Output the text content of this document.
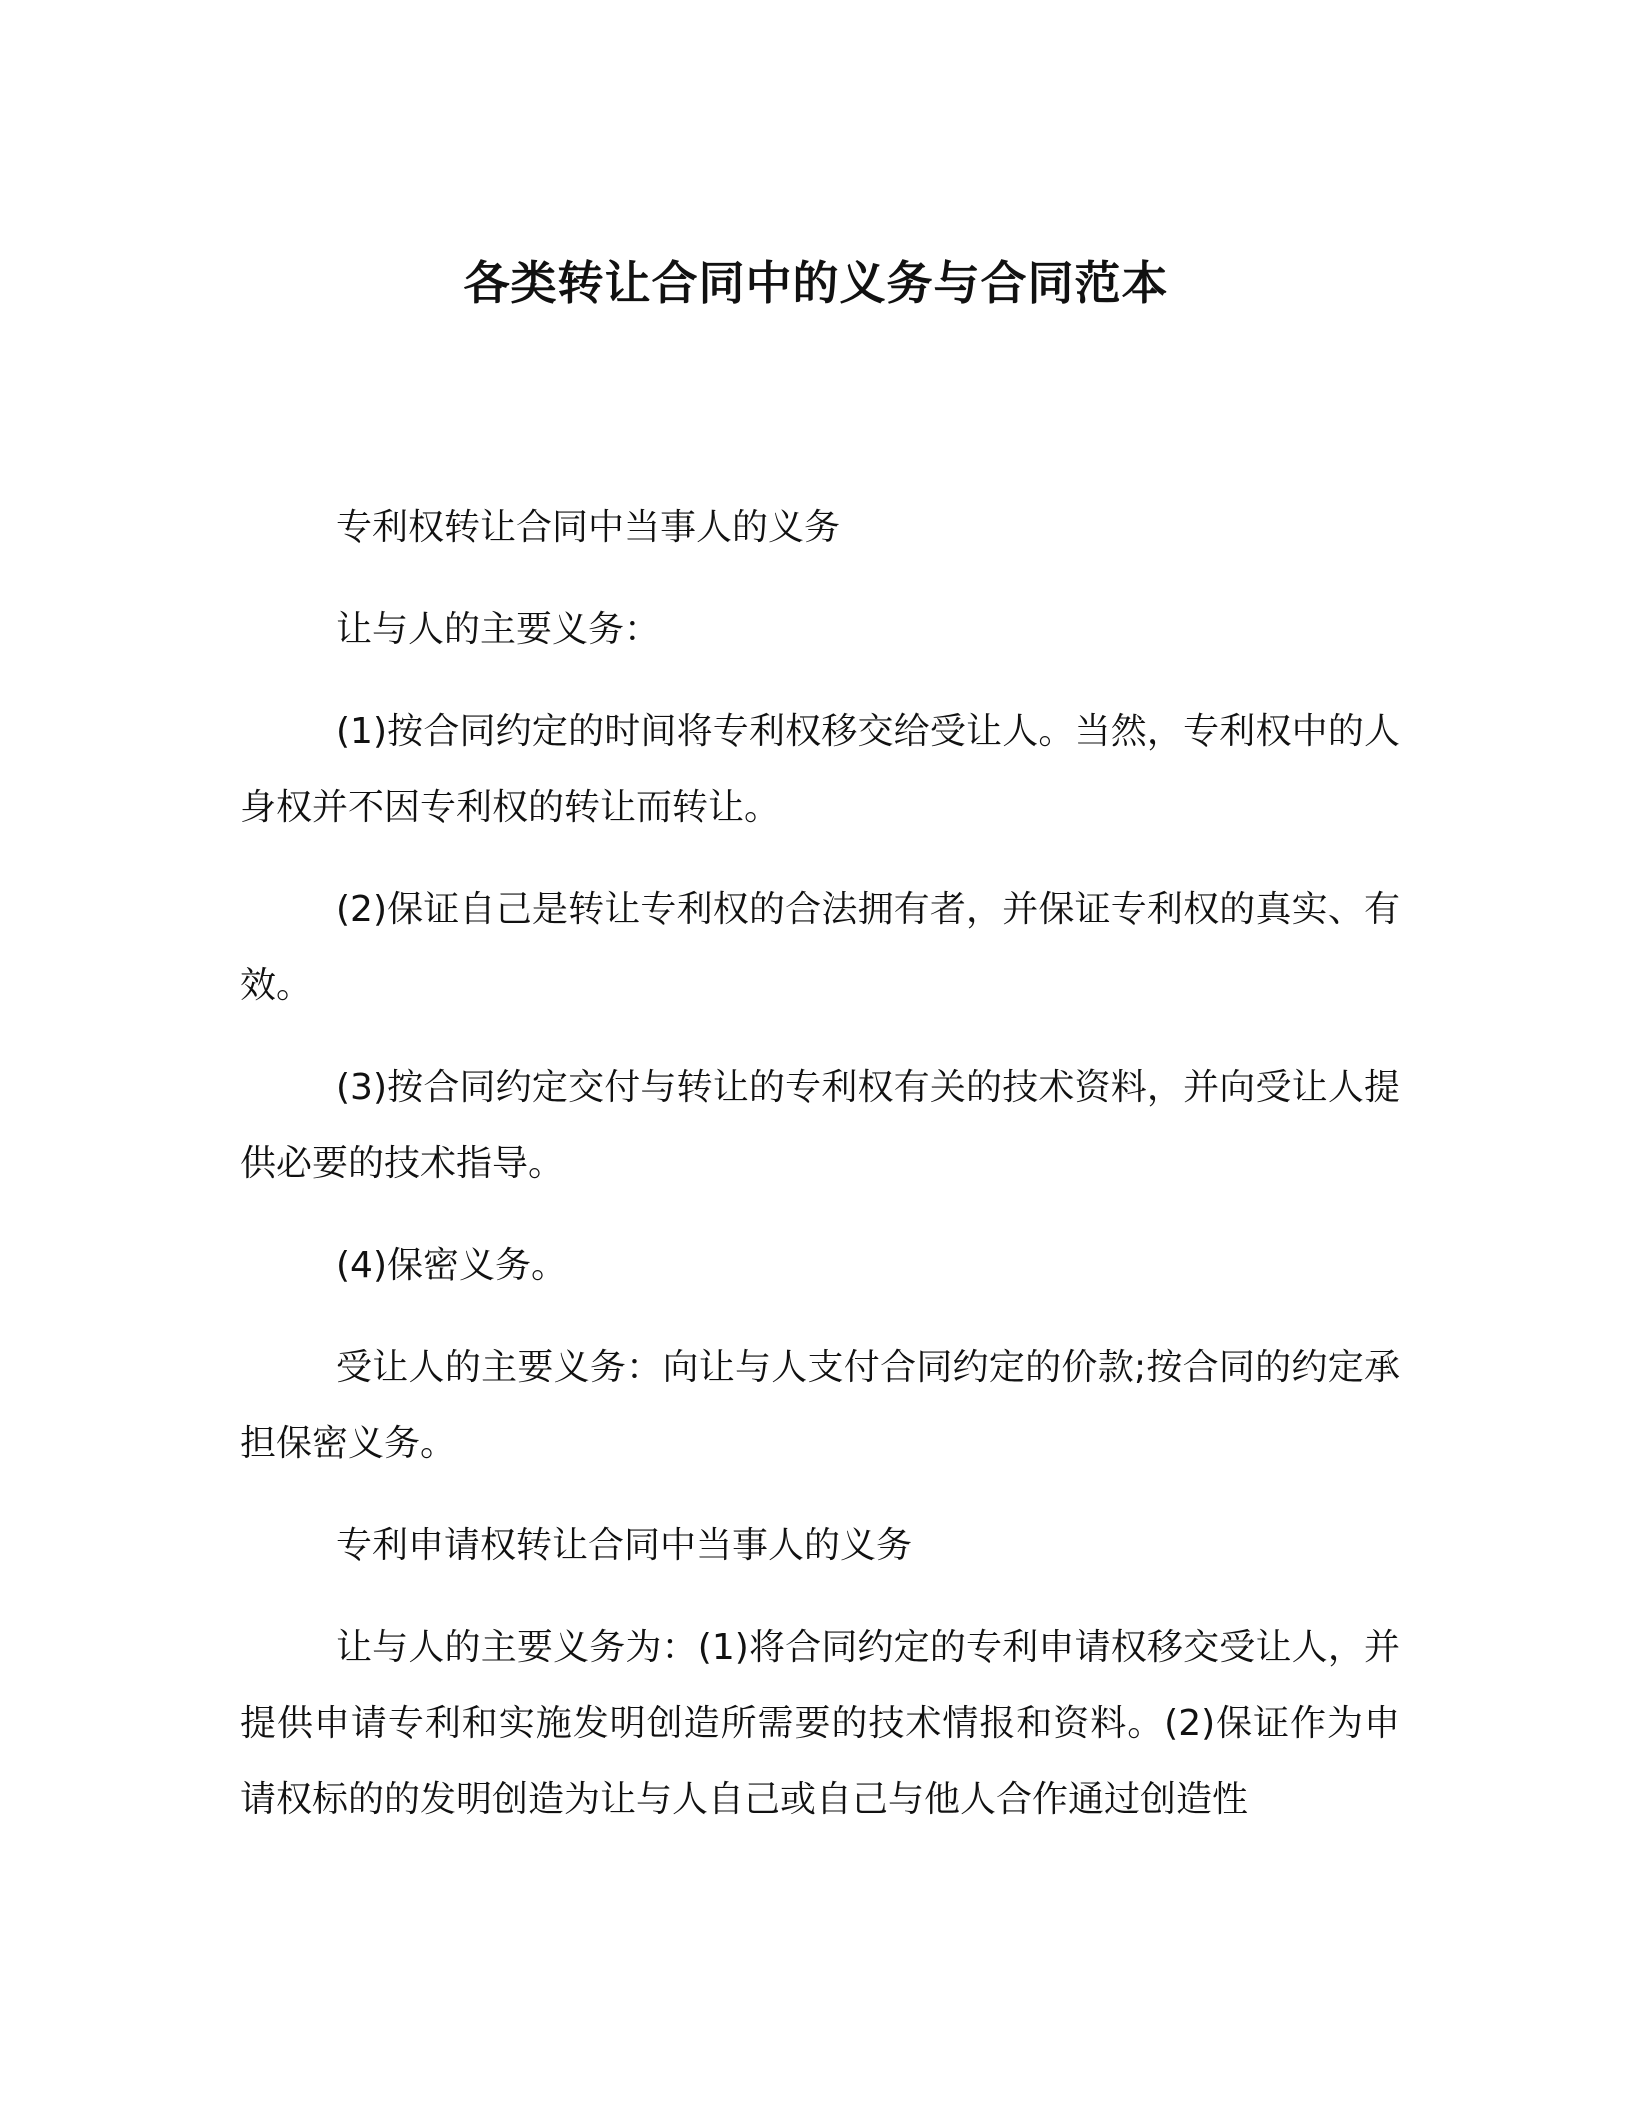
各类转让合同中的义务与合同范本

专利权转让合同中当事人的义务

让与人的主要义务：

(1)按合同约定的时间将专利权移交给受让人。当然，专利权中的人身权并不因专利权的转让而转让。

(2)保证自己是转让专利权的合法拥有者，并保证专利权的真实、有效。

(3)按合同约定交付与转让的专利权有关的技术资料，并向受让人提供必要的技术指导。

(4)保密义务。

受让人的主要义务：向让与人支付合同约定的价款;按合同的约定承担保密义务。

专利申请权转让合同中当事人的义务

让与人的主要义务为：(1)将合同约定的专利申请权移交受让人，并提供申请专利和实施发明创造所需要的技术情报和资料。(2)保证作为申请权标的的发明创造为让与人自己或自己与他人合作通过创造性
